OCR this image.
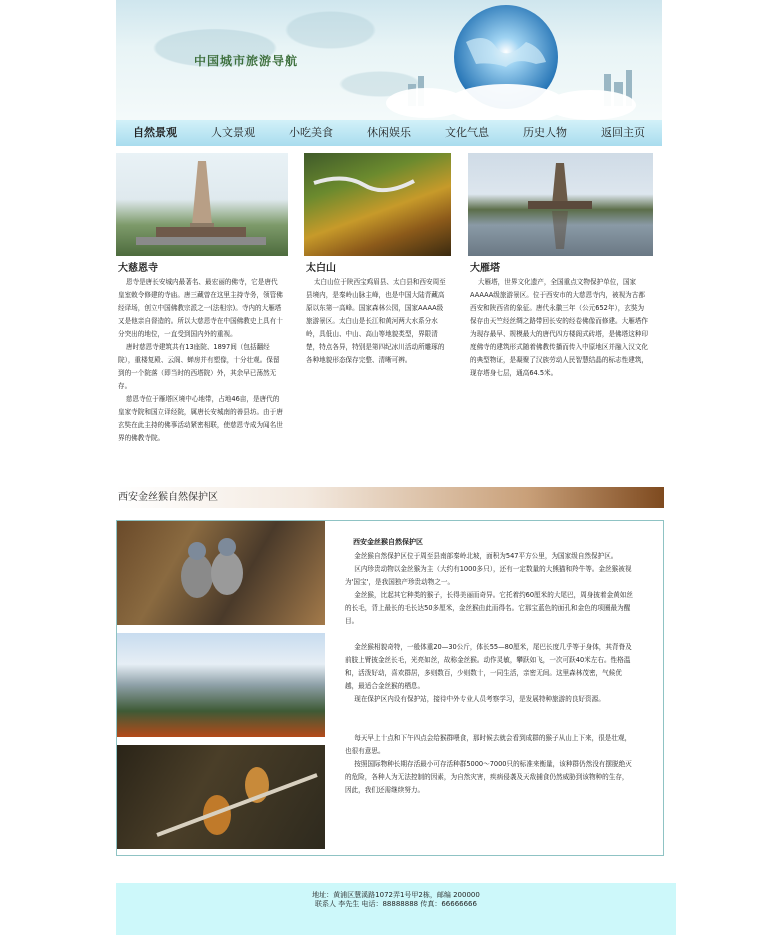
中国城市旅游导航
自然景观	人文景观	小吃美食	休闲娱乐	文化气息	历史人物	返回主页
大慈恩寺

恩寺是唐长安城内最著名、最宏丽的佛寺，它是唐代皇室敕令修建的寺庙。唐三藏曾在这里主持寺务，领管佛经译场，创立中国佛教宗派之一(法相宗)。寺内的大雁塔又是他亲自督造的。所以大慈恩寺在中国佛教史上具有十分突出的地位，一直受到国内外的重视。

唐时慈恩寺建筑共有13座院、1897间（包括翻经院），重楼复殿、云阁、蝉房并有塑像，十分壮观。保留到的一个院落（即当时的西塔院）外，其余早已荡然无存。

慈恩寺位于雁塔区境中心地带，占地46亩，是唐代的皇家寺院和国立译经院，属唐长安城南的善县坊。由于唐玄奘在此主持的佛事活动紧密相联，使慈恩寺成为闻名世界的佛教寺院。

太白山

太白山位于陕西宝鸡眉县、太白县和西安周至县境内，是秦岭山脉主峰，也是中国大陆青藏高原以东第一高峰。国家森林公园，国家AAAA级旅游景区。太白山是长江和黄河两大水系分水岭，具低山、中山、高山等地貌类型，界限清楚，特点各异，特别是第四纪冰川活动所雕琢的各种地貌形态保存完整、清晰可辨。

大雁塔

大雁塔，世界文化遗产，全国重点文物保护单位，国家AAAAA级旅游景区。位于西安市的大慈恩寺内，被视为古都西安和陕西省的象征。唐代永徽三年（公元652年），玄奘为保存由天竺经丝绸之路带回长安的经卷佛像而修建。大雁塔作为现存最早、规模最大的唐代四方楼阁式砖塔，是佛塔这种印度佛寺的建筑形式随着佛教传播而传入中原地区并融入汉文化的典型物证，是凝聚了汉族劳动人民智慧结晶的标志性建筑，现存塔身七层，通高64.5米。

西安金丝猴自然保护区

西安金丝猴自然保护区

金丝猴自然保护区位于周至县南部秦岭北坡，面积为547平方公里，为国家级自然保护区。

区内珍贵动物以金丝猴为主（大约有1000多只），还有一定数量的大熊猫和羚牛等。金丝猴被视为'国宝'，是我国独产珍贵动物之一。

金丝猴，比起其它种类的猴子，长得美丽而奇异。它托着约60厘米的大尾巴，周身披着金黄如丝的长毛，背上最长的毛长达50多厘米，金丝猴由此而得名。它那宝蓝色的面孔和金色的项圈最为醒目。

金丝猴相貌奇特，一般体重20—30公斤，体长55—80厘米，尾巴长度几乎等于身体，其背脊及前肢上臂披金丝长毛，光亮如丝，故称金丝猴。动作灵敏，攀跃如飞，一次可跃40米左右。性格温和，活泼好动，喜欢群居，多则数百，少则数十，一同生活，亲密无间。这里森林茂密，气候优越，最适合金丝猴的栖息。

现在保护区内设有保护站，接待中外专业人员考察学习，是发展特种旅游的良好资源。

每天早上十点和下午四点会给猴群喂食，那时候去就会看到成群的猴子从山上下来，很是壮观，也很有意思。

按照国际物种长期存活最小可存活种群5000～7000只的标准来衡量，该种群仍然没有摆脱绝灭的危险，各种人为无法控制的因素，为自然灾害，疾病侵袭及天敌捕食仍然威胁到该物种的生存，因此，我们还需继续努力。

地址：黄浦区慧溪路1072弄1号甲2栋，邮编 200000
联系人 李先生 电话：88888888 传真：66666666
